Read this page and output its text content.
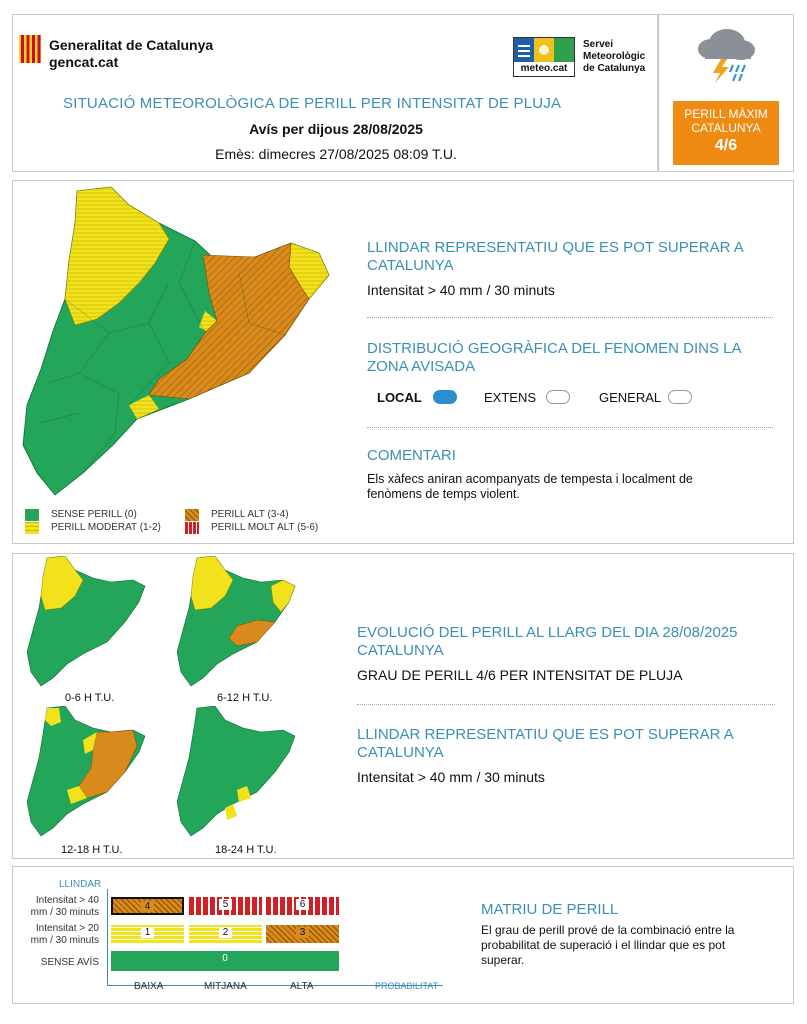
Generalitat de Catalunya
gencat.cat	meteo.cat
Servei
Meteorològic
de Catalunya
SITUACIÓ METEOROLÒGICA DE PERILL PER INTENSITAT DE PLUJA
Avís per dijous 28/08/2025
Emès: dimecres 27/08/2025 08:09 T.U.
PERILL MÀXIM
CATALUNYA
4/6
SENSE PERILL (0)
PERILL MODERAT (1-2)
PERILL ALT (3-4)
PERILL MOLT ALT (5-6)
LLINDAR REPRESENTATIU QUE ES POT SUPERAR A CATALUNYA
Intensitat > 40 mm / 30 minuts
DISTRIBUCIÓ GEOGRÀFICA DEL FENOMEN DINS LA ZONA AVISADA
LOCAL	EXTENS	GENERAL
COMENTARI
Els xàfecs aniran acompanyats de tempesta i localment de fenòmens de temps violent.
0-6 H T.U.	6-12 H T.U.
12-18 H T.U.	18-24 H T.U.
EVOLUCIÓ DEL PERILL AL LLARG DEL DIA 28/08/2025 CATALUNYA
GRAU DE PERILL 4/6 PER INTENSITAT DE PLUJA
LLINDAR REPRESENTATIU QUE ES POT SUPERAR A CATALUNYA
Intensitat > 40 mm / 30 minuts
LLINDAR
Intensitat > 40
mm / 30 minuts
Intensitat > 20
mm / 30 minuts
SENSE AVÍS
4	5	6
1	2	3
0
BAIXA	MITJANA	ALTA	PROBABILITAT
MATRIU DE PERILL
El grau de perill prové de la combinació entre la probabilitat de superació i el llindar que es pot superar.
